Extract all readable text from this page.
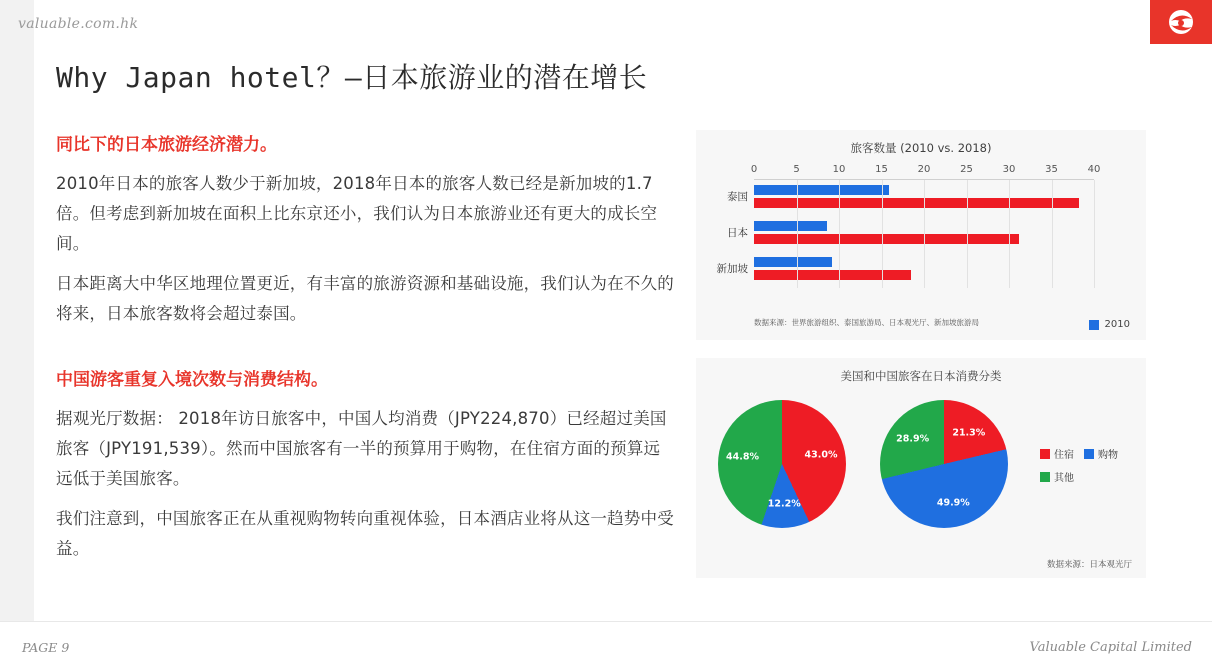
valuable.com.hk
Why Japan hotel？—日本旅游业的潜在增长
同比下的日本旅游经济潜力。
2010年日本的旅客人数少于新加坡，2018年日本的旅客人数已经是新加坡的1.7倍。但考虑到新加坡在面积上比东京还小，我们认为日本旅游业还有更大的成长空间。
日本距离大中华区地理位置更近，有丰富的旅游资源和基础设施，我们认为在不久的将来，日本旅客数将会超过泰国。
中国游客重复入境次数与消费结构。
据观光厅数据： 2018年访日旅客中，中国人均消费（JPY224,870）已经超过美国旅客（JPY191,539）。然而中国旅客有一半的预算用于购物，在住宿方面的预算远远低于美国旅客。
我们注意到，中国旅客正在从重视购物转向重视体验，日本酒店业将从这一趋势中受益。
旅客数量 (2010 vs. 2018)
0	5	10	15	20	25	30	35	40
泰国
日本
新加坡
数据来源：世界旅游组织、泰国旅游局、日本观光厅、新加坡旅游局	2010
美国和中国旅客在日本消费分类
43.0%
12.2%
44.8%
21.3%
49.9%
28.9%
住宿 购物
其他
数据来源：日本观光厅
PAGE 9	Valuable Capital Limited
